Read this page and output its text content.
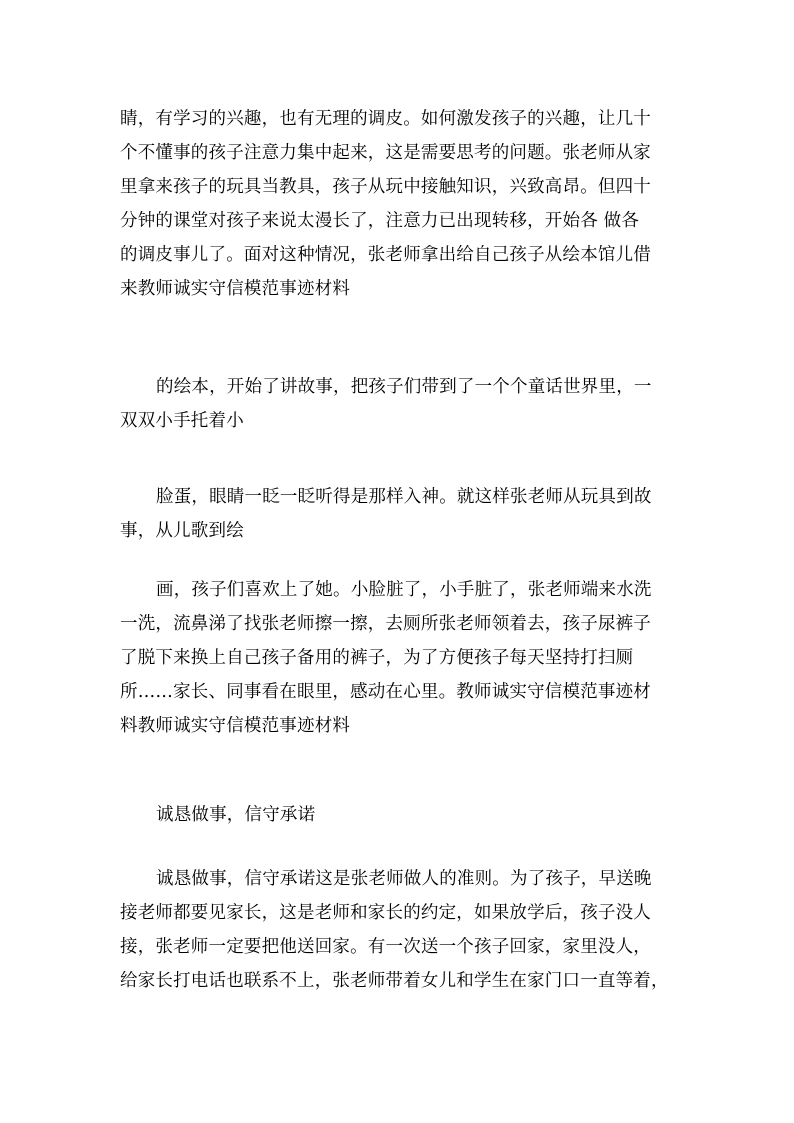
睛，有学习的兴趣，也有无理的调皮。如何激发孩子的兴趣，让几十
个不懂事的孩子注意力集中起来，这是需要思考的问题。张老师从家
里拿来孩子的玩具当教具，孩子从玩中接触知识，兴致高昂。但四十
分钟的课堂对孩子来说太漫长了，注意力已出现转移，开始各 做各
的调皮事儿了。面对这种情况，张老师拿出给自己孩子从绘本馆儿借
来教师诚实守信模范事迹材料
的绘本，开始了讲故事，把孩子们带到了一个个童话世界里，一
双双小手托着小
脸蛋，眼睛一眨一眨听得是那样入神。就这样张老师从玩具到故
事，从儿歌到绘
画，孩子们喜欢上了她。小脸脏了，小手脏了，张老师端来水洗
一洗，流鼻涕了找张老师擦一擦，去厕所张老师领着去，孩子尿裤子
了脱下来换上自己孩子备用的裤子，为了方便孩子每天坚持打扫厕
所……家长、同事看在眼里，感动在心里。教师诚实守信模范事迹材
料教师诚实守信模范事迹材料
诚恳做事，信守承诺
诚恳做事，信守承诺这是张老师做人的准则。为了孩子，早送晚
接老师都要见家长，这是老师和家长的约定，如果放学后，孩子没人
接，张老师一定要把他送回家。有一次送一个孩子回家，家里没人，
给家长打电话也联系不上，张老师带着女儿和学生在家门口一直等着，
